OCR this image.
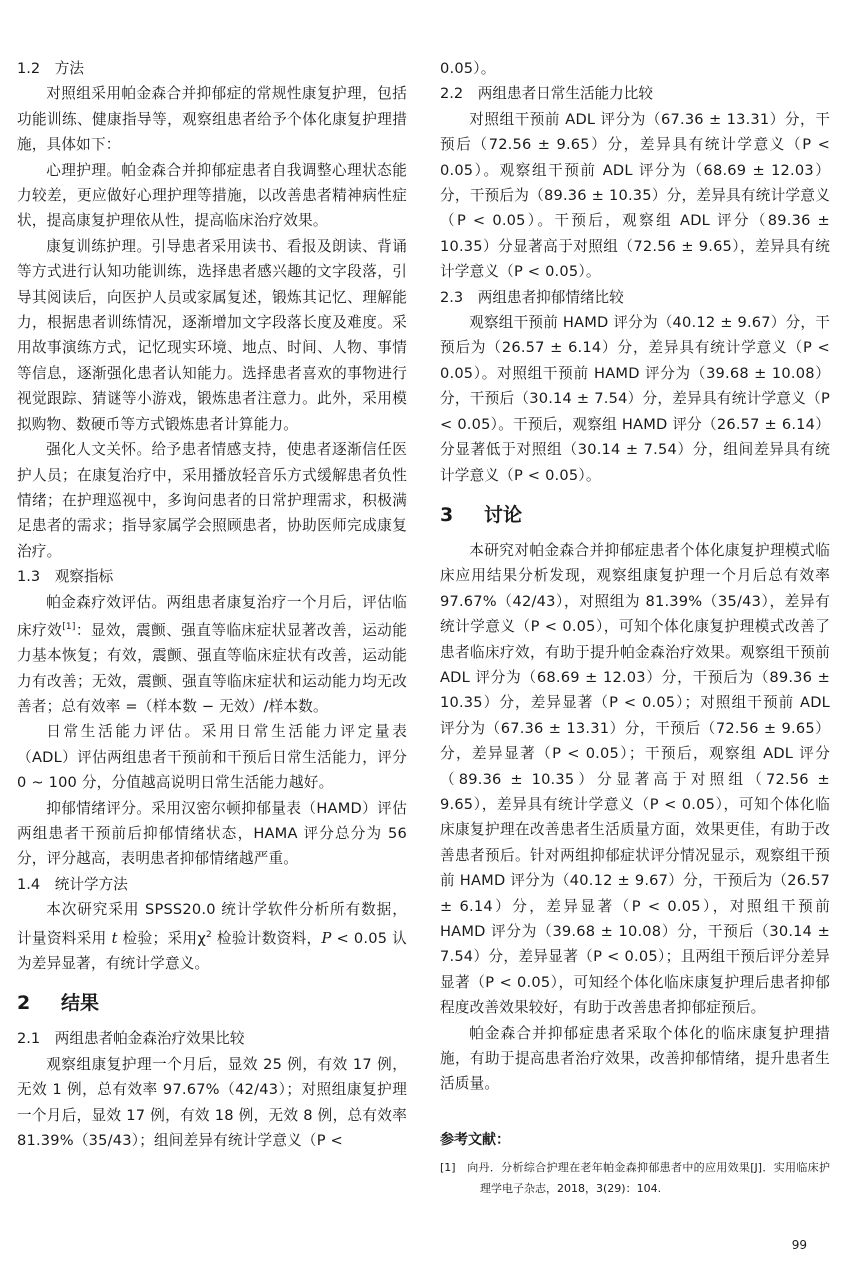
1.2　方法

对照组采用帕金森合并抑郁症的常规性康复护理，包括功能训练、健康指导等，观察组患者给予个体化康复护理措施，具体如下：

心理护理。帕金森合并抑郁症患者自我调整心理状态能力较差，更应做好心理护理等措施，以改善患者精神病性症状，提高康复护理依从性，提高临床治疗效果。

康复训练护理。引导患者采用读书、看报及朗读、背诵等方式进行认知功能训练，选择患者感兴趣的文字段落，引导其阅读后，向医护人员或家属复述，锻炼其记忆、理解能力，根据患者训练情况，逐渐增加文字段落长度及难度。采用故事演练方式，记忆现实环境、地点、时间、人物、事情等信息，逐渐强化患者认知能力。选择患者喜欢的事物进行视觉跟踪、猜谜等小游戏，锻炼患者注意力。此外，采用模拟购物、数硬币等方式锻炼患者计算能力。

强化人文关怀。给予患者情感支持，使患者逐渐信任医护人员；在康复治疗中，采用播放轻音乐方式缓解患者负性情绪；在护理巡视中，多询问患者的日常护理需求，积极满足患者的需求；指导家属学会照顾患者，协助医师完成康复治疗。

1.3　观察指标

帕金森疗效评估。两组患者康复治疗一个月后，评估临床疗效[1]：显效，震颤、强直等临床症状显著改善，运动能力基本恢复；有效，震颤、强直等临床症状有改善，运动能力有改善；无效，震颤、强直等临床症状和运动能力均无改善者；总有效率 =（样本数 − 无效）/样本数。

日常生活能力评估。采用日常生活能力评定量表（ADL）评估两组患者干预前和干预后日常生活能力，评分 0 ~ 100 分，分值越高说明日常生活能力越好。

抑郁情绪评分。采用汉密尔顿抑郁量表（HAMD）评估两组患者干预前后抑郁情绪状态，HAMA 评分总分为 56 分，评分越高，表明患者抑郁情绪越严重。

1.4　统计学方法

本次研究采用 SPSS20.0 统计学软件分析所有数据，计量资料采用 t 检验；采用$\chi^2$ 检验计数资料，P < 0.05 认为差异显著，有统计学意义。

2 结果
2.1　两组患者帕金森治疗效果比较

观察组康复护理一个月后，显效 25 例，有效 17 例，无效 1 例，总有效率 97.67%（42/43）；对照组康复护理一个月后，显效 17 例，有效 18 例，无效 8 例，总有效率 81.39%（35/43）；组间差异有统计学意义（P <

0.05）。

2.2　两组患者日常生活能力比较

对照组干预前 ADL 评分为（67.36 ± 13.31）分，干预后（72.56 ± 9.65）分，差异具有统计学意义（P < 0.05）。观察组干预前 ADL 评分为（68.69 ± 12.03）分，干预后为（89.36 ± 10.35）分，差异具有统计学意义（P < 0.05）。干预后，观察组 ADL 评分（89.36 ± 10.35）分显著高于对照组（72.56 ± 9.65），差异具有统计学意义（P < 0.05）。

2.3　两组患者抑郁情绪比较

观察组干预前 HAMD 评分为（40.12 ± 9.67）分，干预后为（26.57 ± 6.14）分，差异具有统计学意义（P < 0.05）。对照组干预前 HAMD 评分为（39.68 ± 10.08）分，干预后（30.14 ± 7.54）分，差异具有统计学意义（P < 0.05）。干预后，观察组 HAMD 评分（26.57 ± 6.14）分显著低于对照组（30.14 ± 7.54）分，组间差异具有统计学意义（P < 0.05）。

3 讨论

本研究对帕金森合并抑郁症患者个体化康复护理模式临床应用结果分析发现，观察组康复护理一个月后总有效率 97.67%（42/43），对照组为 81.39%（35/43），差异有统计学意义（P < 0.05），可知个体化康复护理模式改善了患者临床疗效，有助于提升帕金森治疗效果。观察组干预前 ADL 评分为（68.69 ± 12.03）分，干预后为（89.36 ± 10.35）分，差异显著（P < 0.05）；对照组干预前 ADL 评分为（67.36 ± 13.31）分，干预后（72.56 ± 9.65）分，差异显著（P < 0.05）；干预后，观察组 ADL 评分（89.36 ± 10.35）分显著高于对照组（72.56 ± 9.65），差异具有统计学意义（P < 0.05），可知个体化临床康复护理在改善患者生活质量方面，效果更佳，有助于改善患者预后。针对两组抑郁症状评分情况显示，观察组干预前 HAMD 评分为（40.12 ± 9.67）分，干预后为（26.57 ± 6.14）分，差异显著（P < 0.05），对照组干预前 HAMD 评分为（39.68 ± 10.08）分，干预后（30.14 ± 7.54）分，差异显著（P < 0.05）；且两组干预后评分差异显著（P < 0.05），可知经个体化临床康复护理后患者抑郁程度改善效果较好，有助于改善患者抑郁症预后。

帕金森合并抑郁症患者采取个体化的临床康复护理措施，有助于提高患者治疗效果，改善抑郁情绪，提升患者生活质量。

参考文献：
[1]　向丹．分析综合护理在老年帕金森抑郁患者中的应用效果[J]．实用临床护理学电子杂志，2018，3(29)：104.
99
